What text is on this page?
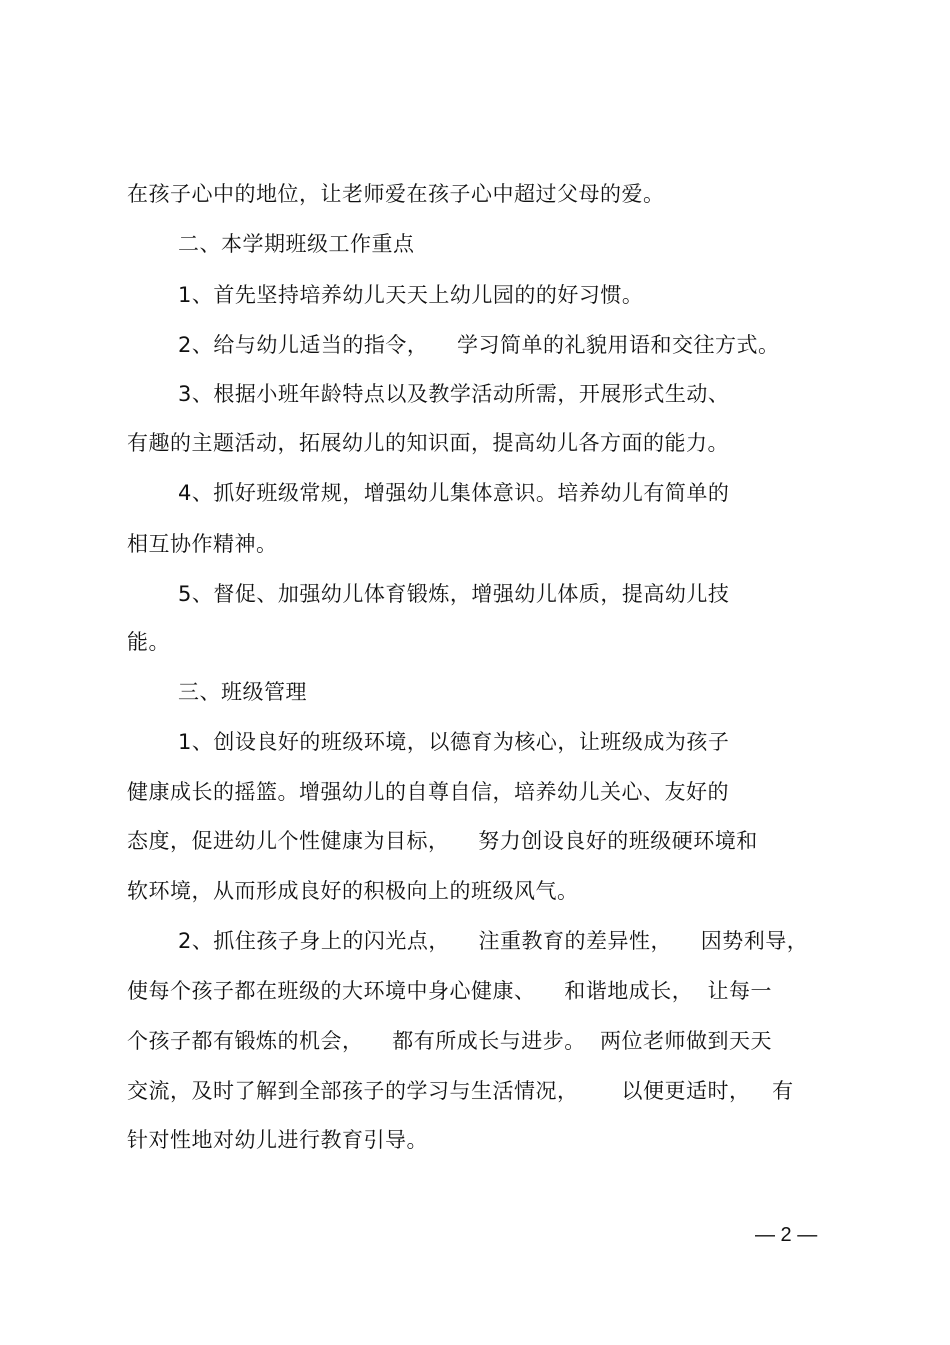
在孩子心中的地位，让老师爱在孩子心中超过父母的爱。
二、本学期班级工作重点
1、首先坚持培养幼儿天天上幼儿园的的好习惯。
2、给与幼儿适当的指令，    学习简单的礼貌用语和交往方式。
3、根据小班年龄特点以及教学活动所需，开展形式生动、
有趣的主题活动，拓展幼儿的知识面，提高幼儿各方面的能力。
4、抓好班级常规，增强幼儿集体意识。培养幼儿有简单的
相互协作精神。
5、督促、加强幼儿体育锻炼，增强幼儿体质，提高幼儿技
能。
三、班级管理
1、创设良好的班级环境，以德育为核心，让班级成为孩子
健康成长的摇篮。增强幼儿的自尊自信，培养幼儿关心、友好的
态度，促进幼儿个性健康为目标，    努力创设良好的班级硬环境和
软环境，从而形成良好的积极向上的班级风气。
2、抓住孩子身上的闪光点，    注重教育的差异性，    因势利导，
使每个孩子都在班级的大环境中身心健康、    和谐地成长，  让每一
个孩子都有锻炼的机会，    都有所成长与进步。  两位老师做到天天
交流，及时了解到全部孩子的学习与生活情况，      以便更适时，   有
针对性地对幼儿进行教育引导。
— 2 —
